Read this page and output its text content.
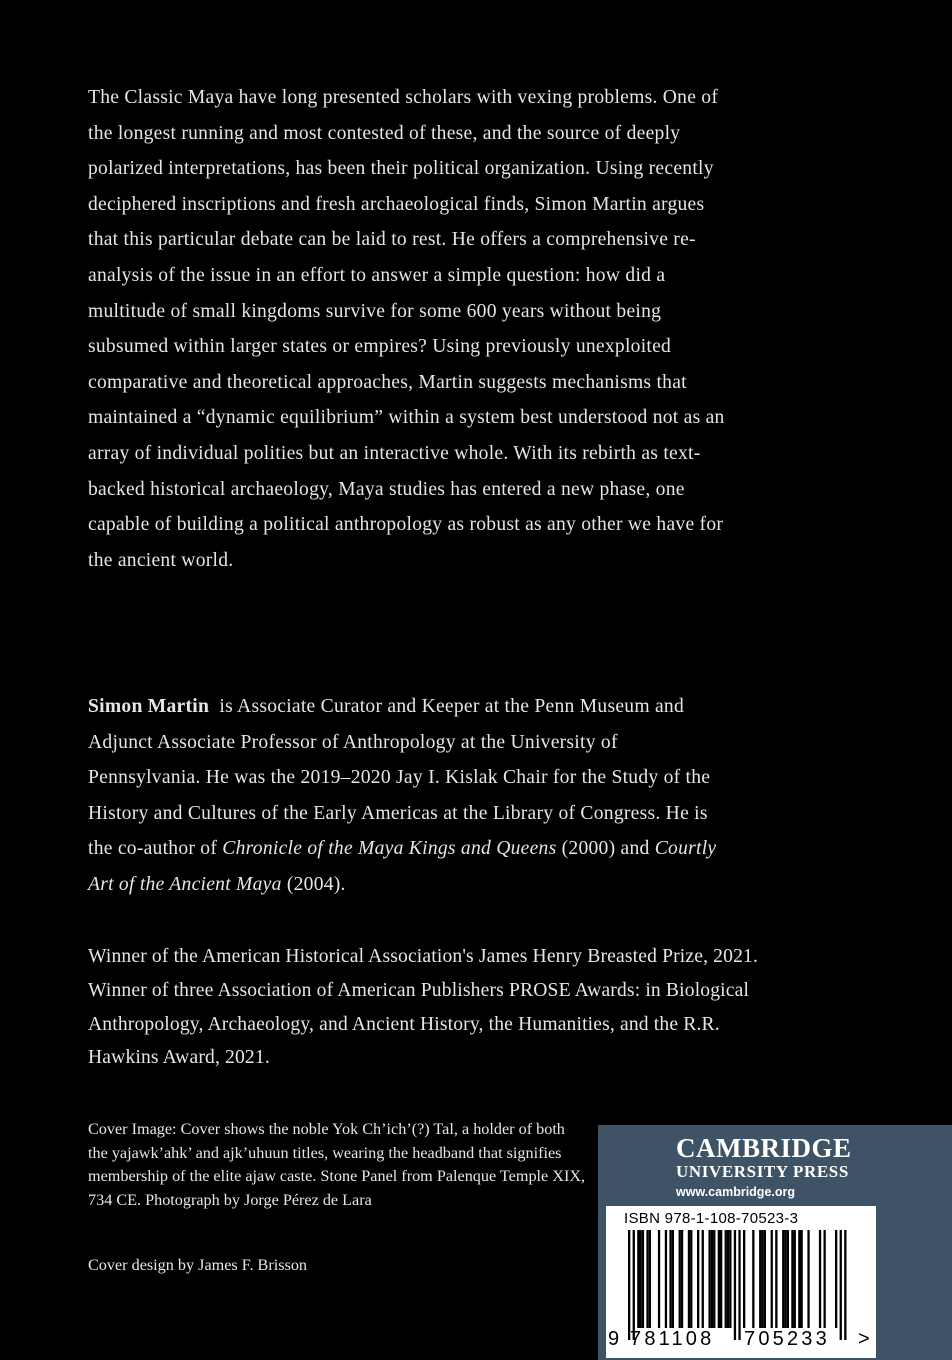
The Classic Maya have long presented scholars with vexing problems. One of the longest running and most contested of these, and the source of deeply polarized interpretations, has been their political organization. Using recently deciphered inscriptions and fresh archaeological finds, Simon Martin argues that this particular debate can be laid to rest. He offers a comprehensive re-analysis of the issue in an effort to answer a simple question: how did a multitude of small kingdoms survive for some 600 years without being subsumed within larger states or empires? Using previously unexploited comparative and theoretical approaches, Martin suggests mechanisms that maintained a “dynamic equilibrium” within a system best understood not as an array of individual polities but an interactive whole. With its rebirth as text-backed historical archaeology, Maya studies has entered a new phase, one capable of building a political anthropology as robust as any other we have for the ancient world.

Simon Martin  is Associate Curator and Keeper at the Penn Museum and Adjunct Associate Professor of Anthropology at the University of Pennsylvania. He was the 2019–2020 Jay I. Kislak Chair for the Study of the History and Cultures of the Early Americas at the Library of Congress. He is the co-author of Chronicle of the Maya Kings and Queens (2000) and Courtly Art of the Ancient Maya (2004).

Winner of the American Historical Association's James Henry Breasted Prize, 2021.
Winner of three Association of American Publishers PROSE Awards: in Biological
Anthropology, Archaeology, and Ancient History, the Humanities, and the R.R.
Hawkins Award, 2021.

Cover Image: Cover shows the noble Yok Ch’ich’(?) Tal, a holder of both the yajawk’ahk’ and ajk’uhuun titles, wearing the headband that signifies membership of the elite ajaw caste. Stone Panel from Palenque Temple XIX, 734 CE. Photograph by Jorge Pérez de Lara

Cover design by James F. Brisson

CAMBRIDGE
UNIVERSITY PRESS
www.cambridge.org
ISBN 978-1-108-70523-3
9 781108 705233 >
